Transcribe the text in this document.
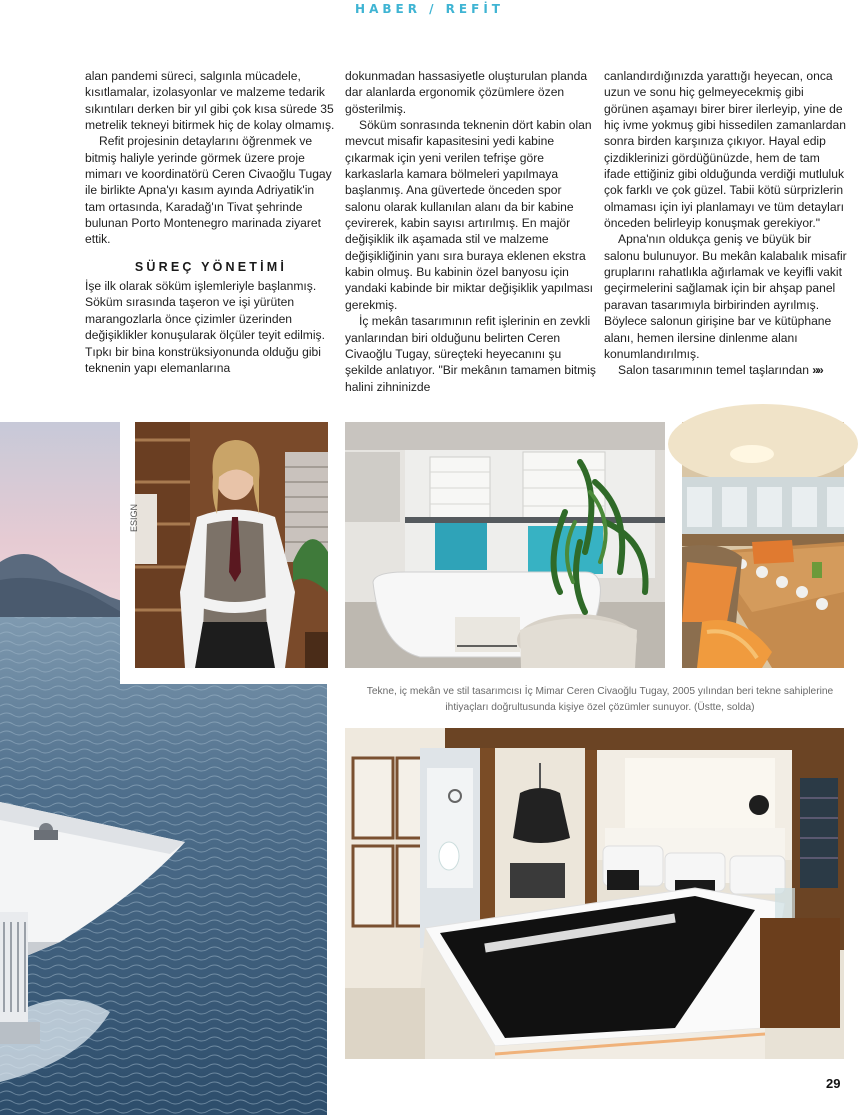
HABER / REFİT

alan pandemi süreci, salgınla mücadele, kısıtlamalar, izolasyonlar ve malzeme tedarik sıkıntıları derken bir yıl gibi çok kısa sürede 35 metrelik tekneyi bitirmek hiç de kolay olmamış.

Refit projesinin detaylarını öğrenmek ve bitmiş haliyle yerinde görmek üzere proje mimarı ve koordinatörü Ceren Civaoğlu Tugay ile birlikte Apna'yı kasım ayında Adriyatik'in tam ortasında, Karadağ'ın Tivat şehrinde bulunan Porto Montenegro marinada ziyaret ettik.

SÜREÇ YÖNETİMİ

İşe ilk olarak söküm işlemleriyle başlanmış. Söküm sırasında taşeron ve işi yürüten marangozlarla önce çizimler üzerinden değişiklikler konuşularak ölçüler teyit edilmiş. Tıpkı bir bina konstrüksiyonunda olduğu gibi teknenin yapı elemanlarına

dokunmadan hassasiyetle oluşturulan planda dar alanlarda ergonomik çözümlere özen gösterilmiş.

Söküm sonrasında teknenin dört kabin olan mevcut misafir kapasitesini yedi kabine çıkarmak için yeni verilen tefrişe göre karkaslarla kamara bölmeleri yapılmaya başlanmış. Ana güvertede önceden spor salonu olarak kullanılan alanı da bir kabine çevirerek, kabin sayısı artırılmış. En majör değişiklik ilk aşamada stil ve malzeme değişikliğinin yanı sıra buraya eklenen ekstra kabin olmuş. Bu kabinin özel banyosu için yandaki kabinde bir miktar değişiklik yapılması gerekmiş.

İç mekân tasarımının refit işlerinin en zevkli yanlarından biri olduğunu belirten Ceren Civaoğlu Tugay, süreçteki heyecanını şu şekilde anlatıyor. "Bir mekânın tamamen bitmiş halini zihninizde

canlandırdığınızda yarattığı heyecan, onca uzun ve sonu hiç gelmeyecekmiş gibi görünen aşamayı birer birer ilerleyip, yine de hiç ivme yokmuş gibi hissedilen zamanlardan sonra birden karşınıza çıkıyor. Hayal edip çizdiklerinizi gördüğünüzde, hem de tam ifade ettiğiniz gibi olduğunda verdiği mutluluk çok farklı ve çok güzel. Tabii kötü sürprizlerin olmaması için iyi planlamayı ve tüm detayları önceden belirleyip konuşmak gerekiyor."

Apna'nın oldukça geniş ve büyük bir salonu bulunuyor. Bu mekân kalabalık misafir gruplarını rahatlıkla ağırlamak ve keyifli vakit geçirmelerini sağlamak için bir ahşap panel paravan tasarımıyla birbirinden ayrılmış. Böylece salonun girişine bar ve kütüphane alanı, hemen ilersine dinlenme alanı konumlandırılmış.

Salon tasarımının temel taşlarından »»

ESIGN
Tekne, iç mekân ve stil tasarımcısı İç Mimar Ceren Civaoğlu Tugay, 2005 yılından beri tekne sahiplerine ihtiyaçları doğrultusunda kişiye özel çözümler sunuyor. (Üstte, solda)
29
